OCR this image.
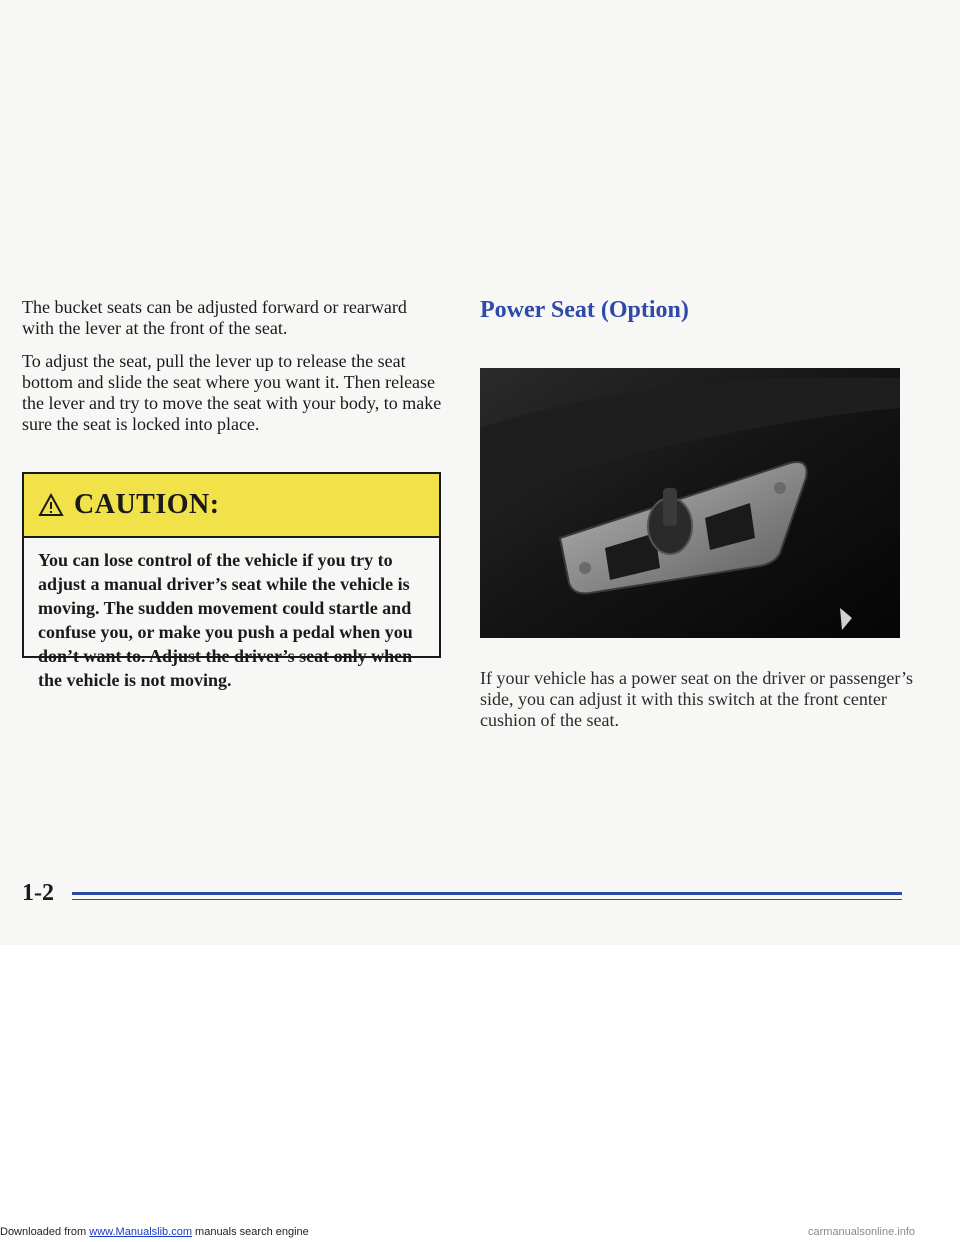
The bucket seats can be adjusted forward or rearward with the lever at the front of the seat.

To adjust the seat, pull the lever up to release the seat bottom and slide the seat where you want it. Then release the lever and try to move the seat with your body, to make sure the seat is locked into place.

CAUTION:
You can lose control of the vehicle if you try to adjust a manual driver’s seat while the vehicle is moving. The sudden movement could startle and confuse you, or make you push a pedal when you don’t want to. Adjust the driver’s seat only when the vehicle is not moving.
Power Seat (Option)

If your vehicle has a power seat on the driver or passenger’s side, you can adjust it with this switch at the front center cushion of the seat.

1-2
Downloaded from www.Manualslib.com manuals search engine	carmanualsonline.info
